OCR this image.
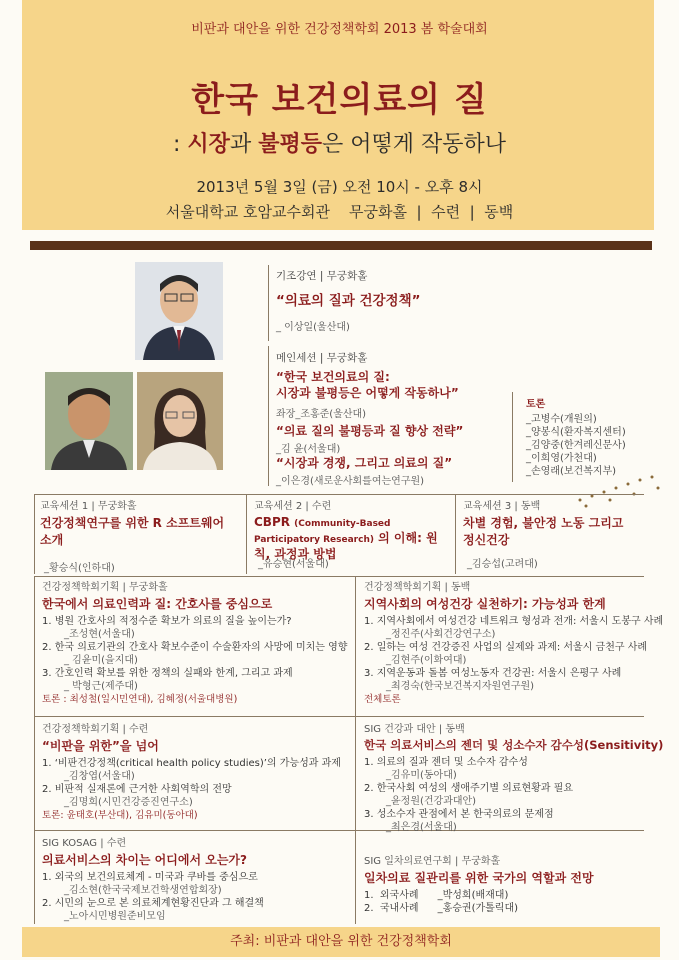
비판과 대안을 위한 건강정책학회 2013 봄 학술대회
한국 보건의료의 질
: 시장과 불평등은 어떻게 작동하나
2013년 5월 3일 (금) 오전 10시 - 오후 8시
서울대학교 호암교수회관    무궁화홀  |  수련  |  동백
기조강연 | 무궁화홀
“의료의 질과 건강정책”
_ 이상일(울산대)
메인세션 | 무궁화홀
“한국 보건의료의 질:
시장과 불평등은 어떻게 작동하나”
좌장_조홍준(울산대)
“의료 질의 불평등과 질 향상 전략”
_김 윤(서울대)
“시장과 경쟁, 그리고 의료의 질”
_이은경(새로운사회를여는연구원)
토론
_고병수(개원의)
_양봉식(환자복지센터)
_김양중(한겨레신문사)
_이희영(가천대)
_손영래(보건복지부)
교육세션 1 | 무궁화홀
건강정책연구를 위한 R 소프트웨어
소개
_황승식(인하대)
교육세션 2 | 수련
CBPR (Community-Based Participatory Research) 의 이해: 원칙, 과정과 방법
_유승현(서울대)
교육세션 3 | 동백
차별 경험, 불안정 노동 그리고
정신건강
_김승섭(고려대)
건강정책학회기획 | 무궁화홀
한국에서 의료인력과 질: 간호사를 중심으로
1. 병원 간호사의 적정수준 확보가 의료의 질을 높이는가?
_조성현(서울대)
2. 한국 의료기관의 간호사 확보수준이 수술환자의 사망에 미치는 영향
_ 김윤미(을지대)
3. 간호인력 확보를 위한 정책의 실패와 한계, 그리고 과제
_ 박형근(제주대)
토론 : 최성철(일시민연대), 김혜정(서울대병원)
건강정책학회기획 | 동백
지역사회의 여성건강 실천하기: 가능성과 한계
1. 지역사회에서 여성건강 네트워크 형성과 전개: 서울시 도봉구 사례
_정진주(사회건강연구소)
2. 일하는 여성 건강증진 사업의 실제와 과제: 서울시 금천구 사례
_김현주(이화여대)
3. 지역운동과 돌봄 여성노동자 건강권: 서울시 은평구 사례
_최경숙(한국보건복지자원연구원)
전체토론
건강정책학회기획 | 수련
“비판을 위한”을 넘어
1. ‘비판건강정책(critical health policy studies)’의 가능성과 과제
_김창엽(서울대)
2. 비판적 실재론에 근거한 사회역학의 전망
_김명희(시민건강증진연구소)
토론: 윤태호(부산대), 김유미(동아대)
SIG 건강과 대안 | 동백
한국 의료서비스의 젠더 및 성소수자 감수성(Sensitivity)
1. 의료의 질과 젠더 및 소수자 감수성
_김유미(동아대)
2. 한국사회 여성의 생애주기별 의료현황과 필요
_윤정원(건강과대안)
3. 성소수자 관점에서 본 한국의료의 문제점
_최은경(서울대)
SIG KOSAG | 수련
의료서비스의 차이는 어디에서 오는가?
1. 외국의 보건의료체계 - 미국과 쿠바를 중심으로
_김소현(한국국제보건학생연합회장)
2. 시민의 눈으로 본 의료체계현황진단과 그 해결책
_노아시민병원준비모임
SIG 일차의료연구회 | 무궁화홀
일차의료 질관리를 위한 국가의 역할과 전망
1.  외국사례      _박성희(배재대)
2.  국내사례      _홍승권(가톨릭대)
주최: 비판과 대안을 위한 건강정책학회
